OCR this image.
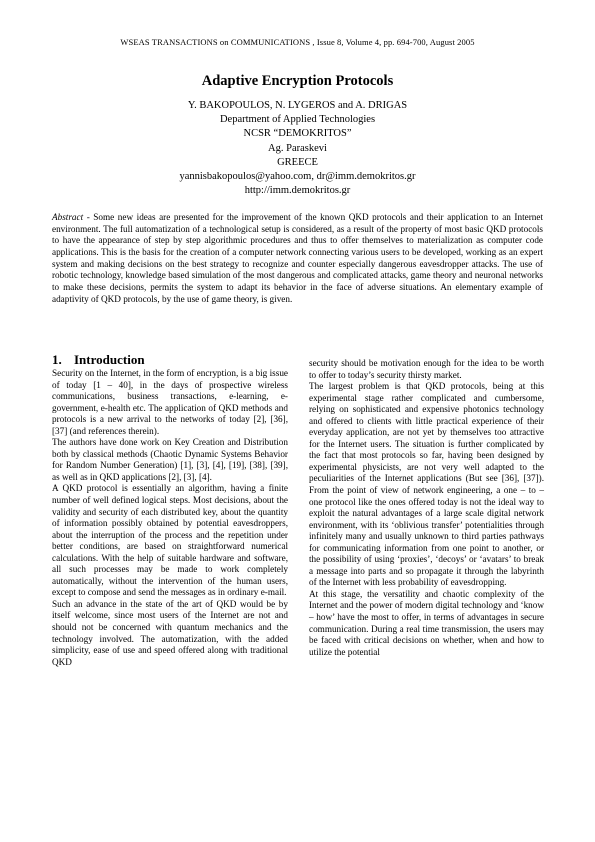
WSEAS TRANSACTIONS on COMMUNICATIONS , Issue 8, Volume 4, pp. 694-700, August 2005
Adaptive Encryption Protocols
Y. BAKOPOULOS, N. LYGEROS and A. DRIGAS
Department of Applied Technologies
NCSR “DEMOKRITOS”
Ag. Paraskevi
GREECE
yannisbakopoulos@yahoo.com, dr@imm.demokritos.gr
http://imm.demokritos.gr
Abstract - Some new ideas are presented for the improvement of the known QKD protocols and their application to an Internet environment. The full automatization of a technological setup is considered, as a result of the property of most basic QKD protocols to have the appearance of step by step algorithmic procedures and thus to offer themselves to materialization as computer code applications. This is the basis for the creation of a computer network connecting various users to be developed, working as an expert system and making decisions on the best strategy to recognize and counter especially dangerous eavesdropper attacks. The use of robotic technology, knowledge based simulation of the most dangerous and complicated attacks, game theory and neuronal networks to make these decisions, permits the system to adapt its behavior in the face of adverse situations. An elementary example of adaptivity of QKD protocols, by the use of game theory, is given.
1. Introduction

Security on the Internet, in the form of encryption, is a big issue of today [1 – 40], in the days of prospective wireless communications, business transactions, e-learning, e-government, e-health etc. The application of QKD methods and protocols is a new arrival to the networks of today [2], [36], [37] (and references therein).

The authors have done work on Key Creation and Distribution both by classical methods (Chaotic Dynamic Systems Behavior for Random Number Generation) [1], [3], [4], [19], [38], [39], as well as in QKD applications [2], [3], [4].

A QKD protocol is essentially an algorithm, having a finite number of well defined logical steps. Most decisions, about the validity and security of each distributed key, about the quantity of information possibly obtained by potential eavesdroppers, about the interruption of the process and the repetition under better conditions, are based on straightforward numerical calculations. With the help of suitable hardware and software, all such processes may be made to work completely automatically, without the intervention of the human users, except to compose and send the messages as in ordinary e-mail.

Such an advance in the state of the art of QKD would be by itself welcome, since most users of the Internet are not and should not be concerned with quantum mechanics and the technology involved. The automatization, with the added simplicity, ease of use and speed offered along with traditional QKD

security should be motivation enough for the idea to be worth to offer to today’s security thirsty market.

The largest problem is that QKD protocols, being at this experimental stage rather complicated and cumbersome, relying on sophisticated and expensive photonics technology and offered to clients with little practical experience of their everyday application, are not yet by themselves too attractive for the Internet users. The situation is further complicated by the fact that most protocols so far, having been designed by experimental physicists, are not very well adapted to the peculiarities of the Internet applications (But see [36], [37]). From the point of view of network engineering, a one – to – one protocol like the ones offered today is not the ideal way to exploit the natural advantages of a large scale digital network environment, with its ‘oblivious transfer’ potentialities through infinitely many and usually unknown to third parties pathways for communicating information from one point to another, or the possibility of using ‘proxies’, ‘decoys’ or ‘avatars’ to break a message into parts and so propagate it through the labyrinth of the Internet with less probability of eavesdropping.

At this stage, the versatility and chaotic complexity of the Internet and the power of modern digital technology and ‘know – how’ have the most to offer, in terms of advantages in secure communication. During a real time transmission, the users may be faced with critical decisions on whether, when and how to utilize the potential
